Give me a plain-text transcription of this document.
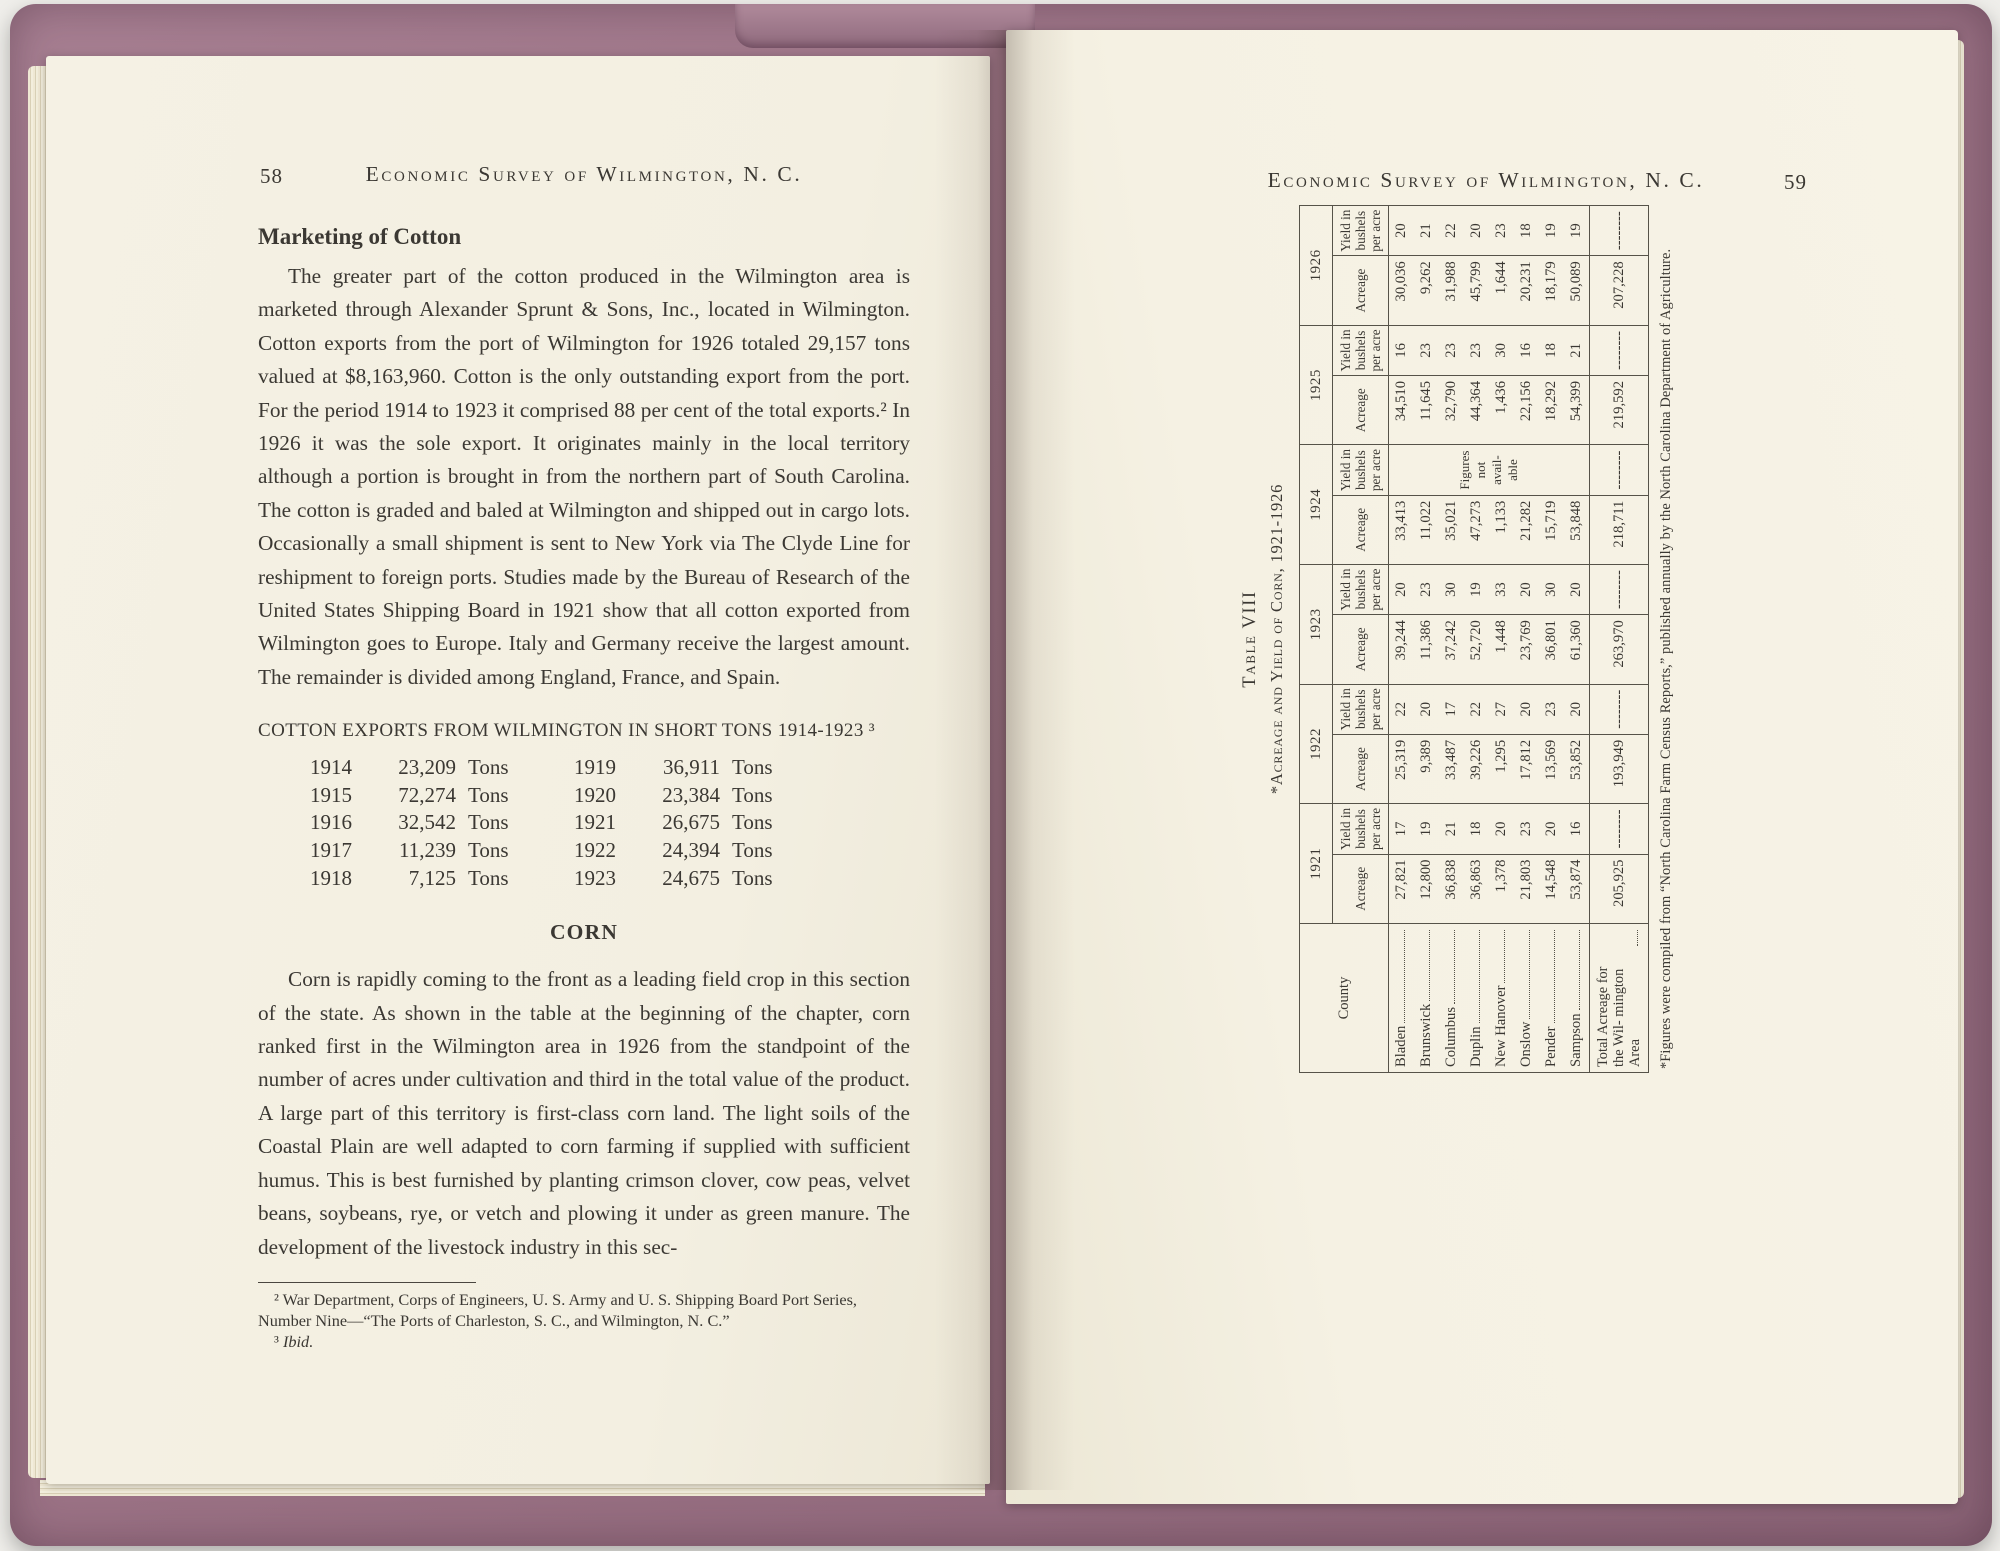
58	Economic Survey of Wilmington, N. C.
Marketing of Cotton

The greater part of the cotton produced in the Wilmington area is marketed through Alexander Sprunt & Sons, Inc., located in Wilmington. Cotton exports from the port of Wilmington for 1926 totaled 29,157 tons valued at $8,163,960. Cotton is the only outstanding export from the port. For the period 1914 to 1923 it comprised 88 per cent of the total exports.² In 1926 it was the sole export. It originates mainly in the local territory although a portion is brought in from the northern part of South Carolina. The cotton is graded and baled at Wilmington and shipped out in cargo lots. Occasionally a small shipment is sent to New York via The Clyde Line for reshipment to foreign ports. Studies made by the Bureau of Research of the United States Shipping Board in 1921 show that all cotton exported from Wilmington goes to Europe. Italy and Germany receive the largest amount. The remainder is divided among England, France, and Spain.

COTTON EXPORTS FROM WILMINGTON IN SHORT TONS 1914-1923 ³
1914	23,209 Tons	1919	36,911 Tons
1915	72,274 Tons	1920	23,384 Tons
1916	32,542 Tons	1921	26,675 Tons
1917	11,239 Tons	1922	24,394 Tons
1918	7,125 Tons	1923	24,675 Tons
CORN

Corn is rapidly coming to the front as a leading field crop in this section of the state. As shown in the table at the beginning of the chapter, corn ranked first in the Wilmington area in 1926 from the standpoint of the number of acres under cultivation and third in the total value of the product. A large part of this territory is first-class corn land. The light soils of the Coastal Plain are well adapted to corn farming if supplied with sufficient humus. This is best furnished by planting crimson clover, cow peas, velvet beans, soybeans, rye, or vetch and plowing it under as green manure. The development of the livestock industry in this sec-

² War Department, Corps of Engineers, U. S. Army and U. S. Shipping Board Port Series, Number Nine—“The Ports of Charleston, S. C., and Wilmington, N. C.”
³ Ibid.
Economic Survey of Wilmington, N. C.	59
Table VIII *Acreage and Yield of Corn, 1921-1926
County	1921		1922		1923		1924		1925		1926	
	Acreage	Yield in bushels per acre	Acreage	Yield in bushels per acre	Acreage	Yield in bushels per acre	Acreage	Yield in bushels per acre	Acreage	Yield in bushels per acre	Acreage	Yield in bushels per acre

Bladen	27,821	17	25,319	22	39,244	20	33,413	Figures not avail- able	34,510	16	30,036	20

Brunswick	12,800	19	9,389	20	11,386	23	11,022		11,645	23	9,262	21

Columbus	36,838	21	33,487	17	37,242	30	35,021		32,790	23	31,988	22

Duplin	36,863	18	39,226	22	52,720	19	47,273		44,364	23	45,799	20

New Hanover	1,378	20	1,295	27	1,448	33	1,133		1,436	30	1,644	23

Onslow	21,803	23	17,812	20	23,769	20	21,282		22,156	16	20,231	18

Pender	14,548	20	13,569	23	36,801	30	15,719		18,292	18	18,179	19

Sampson	53,874	16	53,852	20	61,360	20	53,848		54,399	21	50,089	19

Total Acreage for the Wil- mington Area	205,925	--------	193,949	--------	263,970	--------	218,711	--------	219,592	--------	207,228	--------
*Figures were compiled from “North Carolina Farm Census Reports,” published annually by the North Carolina Department of Agriculture.
